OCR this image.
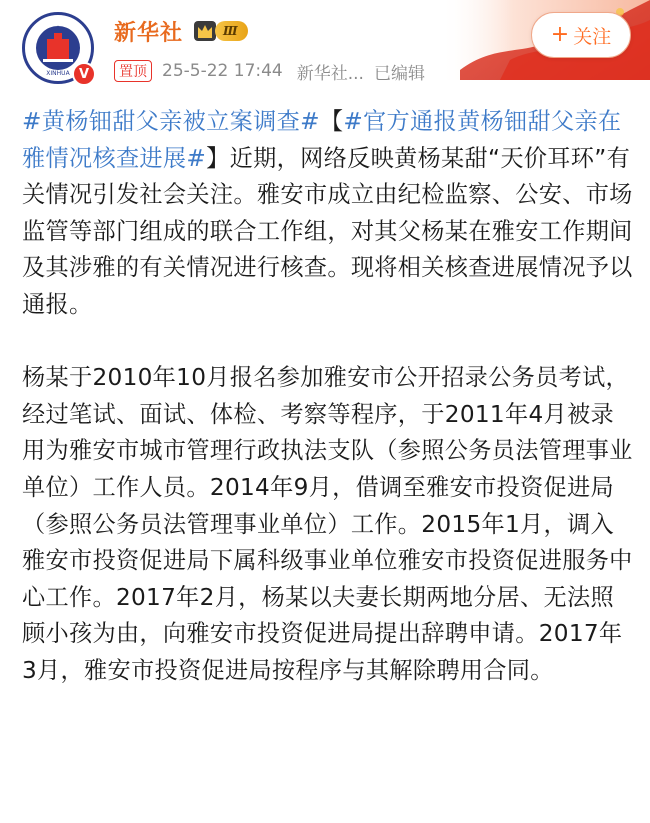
XINHUA V
新华社	Ⅲ
置顶 25-5-22 17:44 新华社... 已编辑
+ 关注

#黄杨钿甜父亲被立案调查#【#官方通报黄杨钿甜父亲在雅情况核查进展#】近期，网络反映黄杨某甜“天价耳环”有关情况引发社会关注。雅安市成立由纪检监察、公安、市场监管等部门组成的联合工作组，对其父杨某在雅安工作期间及其涉雅的有关情况进行核查。现将相关核查进展情况予以通报。

杨某于2010年10月报名参加雅安市公开招录公务员考试，经过笔试、面试、体检、考察等程序，于2011年4月被录用为雅安市城市管理行政执法支队（参照公务员法管理事业单位）工作人员。2014年9月，借调至雅安市投资促进局（参照公务员法管理事业单位）工作。2015年1月，调入雅安市投资促进局下属科级事业单位雅安市投资促进服务中心工作。2017年2月，杨某以夫妻长期两地分居、无法照顾小孩为由，向雅安市投资促进局提出辞聘申请。2017年3月，雅安市投资促进局按程序与其解除聘用合同。
